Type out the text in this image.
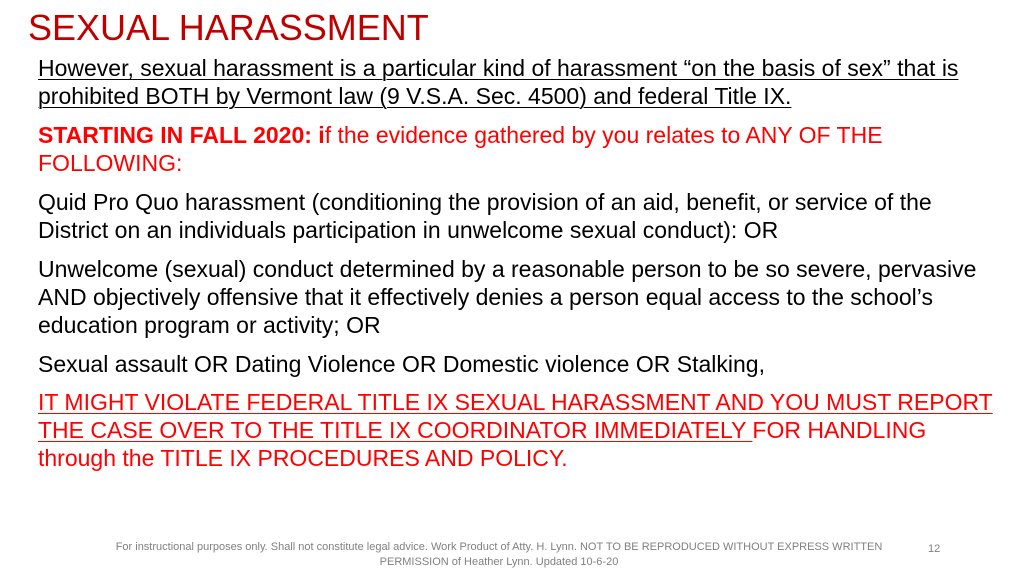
SEXUAL HARASSMENT

However, sexual harassment is a particular kind of harassment “on the basis of sex” that is prohibited BOTH by Vermont law (9 V.S.A. Sec. 4500) and federal Title IX.

STARTING IN FALL 2020: if the evidence gathered by you relates to ANY OF THE FOLLOWING:

Quid Pro Quo harassment (conditioning the provision of an aid, benefit, or service of the District on an individuals participation in unwelcome sexual conduct): OR

Unwelcome (sexual) conduct determined by a reasonable person to be so severe, pervasive AND objectively offensive that it effectively denies a person equal access to the school’s education program or activity; OR

Sexual assault OR Dating Violence OR Domestic violence OR Stalking,

IT MIGHT VIOLATE FEDERAL TITLE IX SEXUAL HARASSMENT AND YOU MUST REPORT THE CASE OVER TO THE TITLE IX COORDINATOR IMMEDIATELY FOR HANDLING through the TITLE IX PROCEDURES AND POLICY.

For instructional purposes only. Shall not constitute legal advice. Work Product of Atty. H. Lynn. NOT TO BE REPRODUCED WITHOUT EXPRESS WRITTEN PERMISSION of Heather Lynn. Updated 10-6-20
12
